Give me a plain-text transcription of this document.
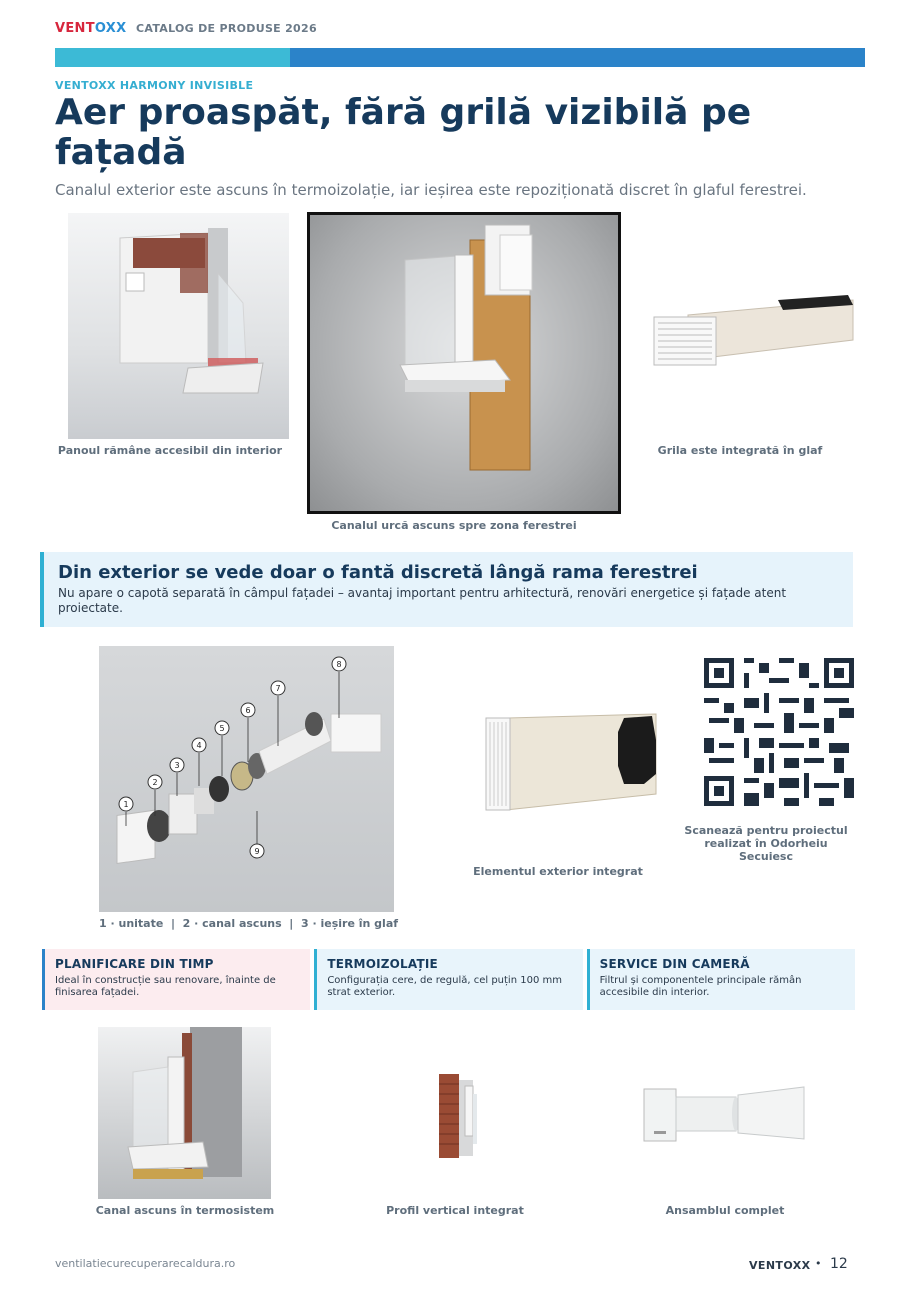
VENTOXX CATALOG DE PRODUSE 2026
VENTOXX HARMONY INVISIBLE
Aer proaspăt, fără grilă vizibilă pe fațadă
Canalul exterior este ascuns în termoizolație, iar ieșirea este repoziționată discret în glaful ferestrei.
Panoul rămâne accesibil din interior
Canalul urcă ascuns spre zona ferestrei
Grila este integrată în glaf
Din exterior se vede doar o fantă discretă lângă rama ferestrei

Nu apare o capotă separată în câmpul fațadei – avantaj important pentru arhitectură, renovări energetice și fațade atent proiectate.

1
2
3
4
5
6
7
8
9
1 · unitate  |  2 · canal ascuns  |  3 · ieșire în glaf
Elementul exterior integrat
Scanează pentru proiectul realizat în Odorheiu Secuiesc
PLANIFICARE DIN TIMP

Ideal în construcție sau renovare, înainte de finisarea fațadei.

TERMOIZOLAȚIE

Configurația cere, de regulă, cel puțin 100 mm strat exterior.

SERVICE DIN CAMERĂ

Filtrul și componentele principale rămân accesibile din interior.

Canal ascuns în termosistem	Profil vertical integrat	Ansamblul complet
ventilatiecurecuperarecaldura.ro	VENTOXX • 12
